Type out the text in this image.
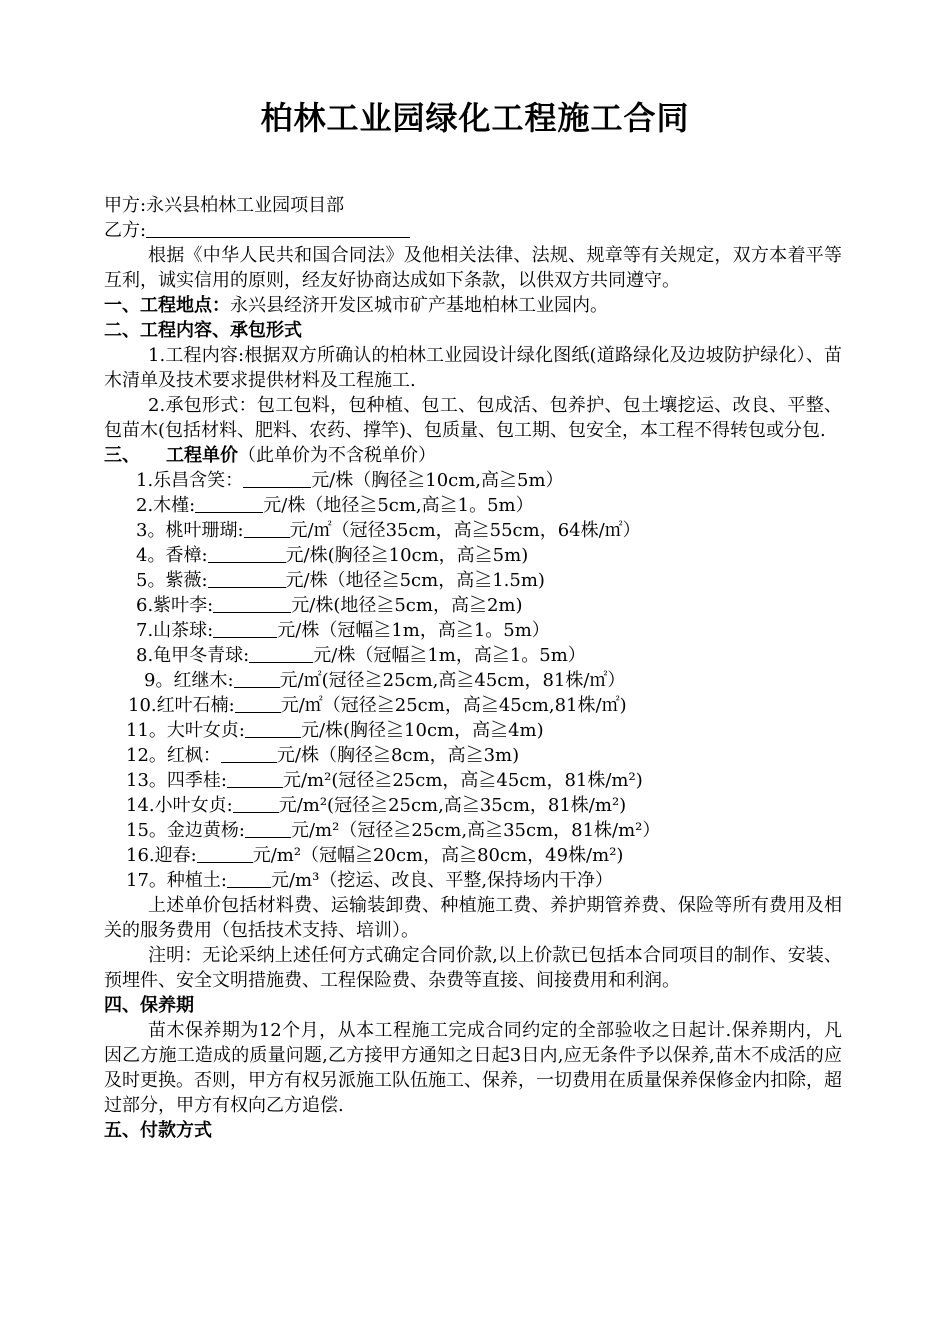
柏林工业园绿化工程施工合同

甲方:永兴县柏林工业园项目部

乙方:

根据《中华人民共和国合同法》及他相关法律、法规、规章等有关规定，双方本着平等互利，诚实信用的原则，经友好协商达成如下条款，以供双方共同遵守。

一、工程地点：永兴县经济开发区城市矿产基地柏林工业园内。

二、工程内容、承包形式

1.工程内容:根据双方所确认的柏林工业园设计绿化图纸(道路绿化及边坡防护绿化）、苗木清单及技术要求提供材料及工程施工.

2.承包形式：包工包料，包种植、包工、包成活、包养护、包土壤挖运、改良、平整、包苗木(包括材料、肥料、农药、撑竿)、包质量、包工期、包安全，本工程不得转包或分包.

三、 工程单价（此单价为不含税单价）

1.乐昌含笑：	元/株（胸径≧10cm,高≧5m）

2.木槿:	元/株（地径≧5cm,高≧1。5m）

3。桃叶珊瑚:	元/㎡（冠径35cm，高≧55cm，64株/㎡）

4。香樟:	元/株(胸径≧10cm，高≧5m)

5。紫薇:	元/株（地径≧5cm，高≧1.5m)

6.紫叶李:	元/株(地径≧5cm，高≧2m)

7.山茶球:	元/株（冠幅≧1m，高≧1。5m）

8.龟甲冬青球:	元/株（冠幅≧1m，高≧1。5m）

9。红继木:	元/㎡(冠径≧25cm,高≧45cm，81株/㎡）

10.红叶石楠:	元/㎡（冠径≧25cm，高≧45cm,81株/㎡)

11。大叶女贞:	元/株(胸径≧10cm，高≧4m)

12。红枫：	元/株（胸径≧8cm，高≧3m)

13。四季桂:	元/m²(冠径≧25cm，高≧45cm，81株/m²)

14.小叶女贞:	元/m²(冠径≧25cm,高≧35cm，81株/m²)

15。金边黄杨:	元/m²（冠径≧25cm,高≧35cm，81株/m²）

16.迎春:	元/m²（冠幅≧20cm，高≧80cm，49株/m²)

17。种植土: 元/m³（挖运、改良、平整,保持场内干净）

上述单价包括材料费、运输装卸费、种植施工费、养护期管养费、保险等所有费用及相关的服务费用（包括技术支持、培训）。

注明：无论采纳上述任何方式确定合同价款,以上价款已包括本合同项目的制作、安装、预埋件、安全文明措施费、工程保险费、杂费等直接、间接费用和利润。

四、保养期

苗木保养期为12个月，从本工程施工完成合同约定的全部验收之日起计.保养期内，凡因乙方施工造成的质量问题,乙方接甲方通知之日起3日内,应无条件予以保养,苗木不成活的应及时更换。否则，甲方有权另派施工队伍施工、保养，一切费用在质量保养保修金内扣除，超过部分，甲方有权向乙方追偿.

五、付款方式
